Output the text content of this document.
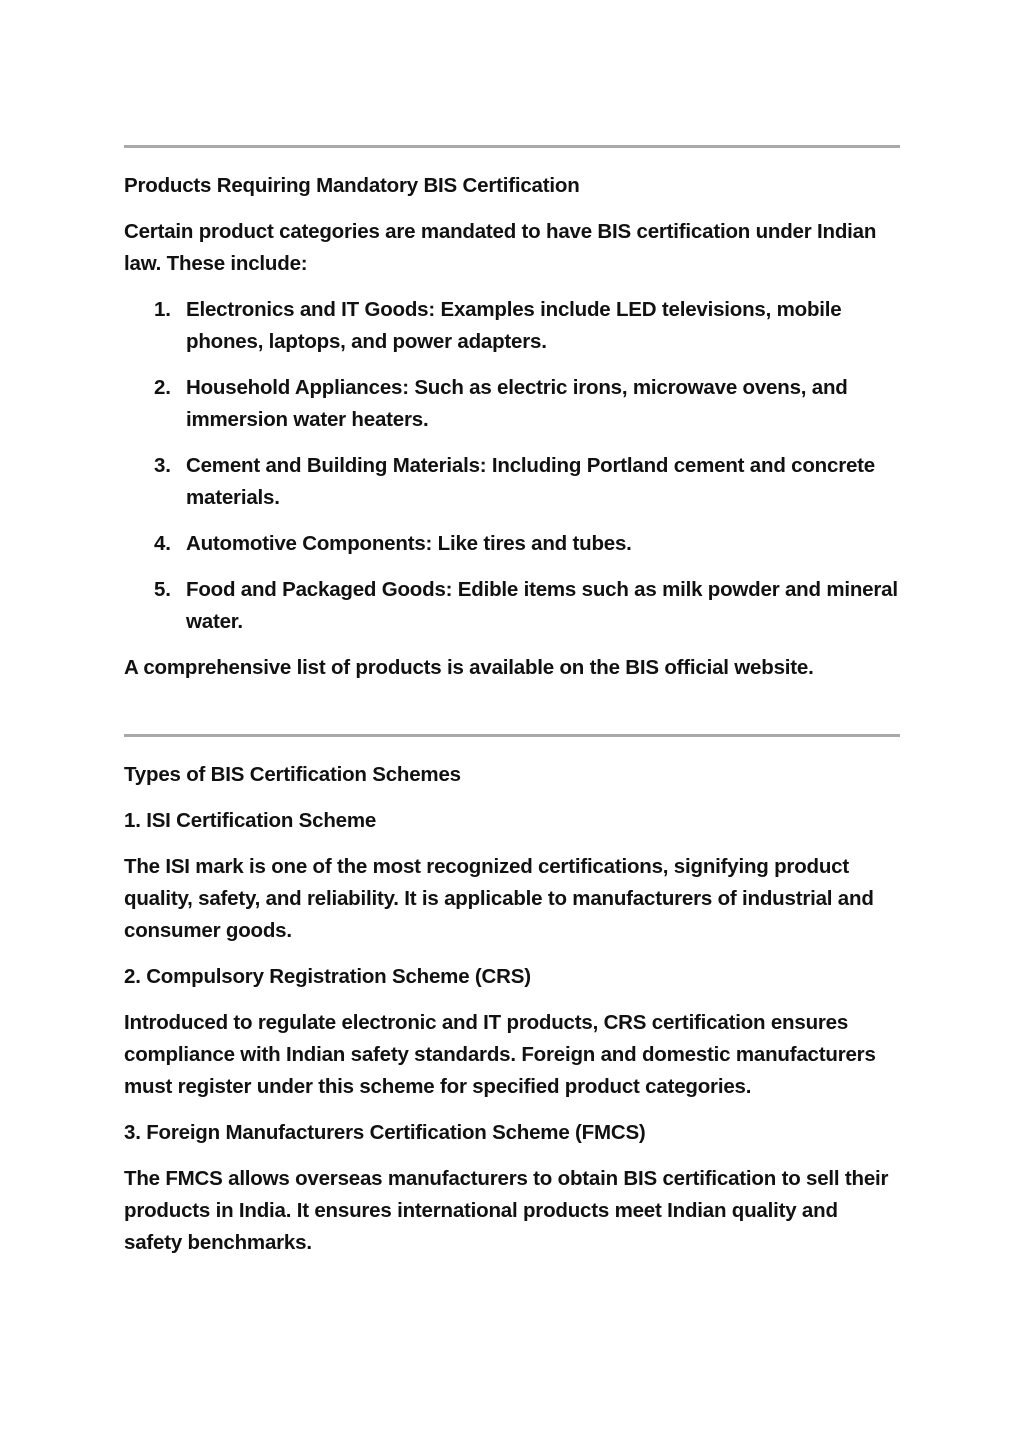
Products Requiring Mandatory BIS Certification

Certain product categories are mandated to have BIS certification under Indian law. These include:

1. Electronics and IT Goods: Examples include LED televisions, mobile phones, laptops, and power adapters.
2. Household Appliances: Such as electric irons, microwave ovens, and immersion water heaters.
3. Cement and Building Materials: Including Portland cement and concrete materials.
4. Automotive Components: Like tires and tubes.
5. Food and Packaged Goods: Edible items such as milk powder and mineral water.

A comprehensive list of products is available on the BIS official website.

Types of BIS Certification Schemes

1. ISI Certification Scheme

The ISI mark is one of the most recognized certifications, signifying product quality, safety, and reliability. It is applicable to manufacturers of industrial and consumer goods.

2. Compulsory Registration Scheme (CRS)

Introduced to regulate electronic and IT products, CRS certification ensures compliance with Indian safety standards. Foreign and domestic manufacturers must register under this scheme for specified product categories.

3. Foreign Manufacturers Certification Scheme (FMCS)

The FMCS allows overseas manufacturers to obtain BIS certification to sell their products in India. It ensures international products meet Indian quality and safety benchmarks.
